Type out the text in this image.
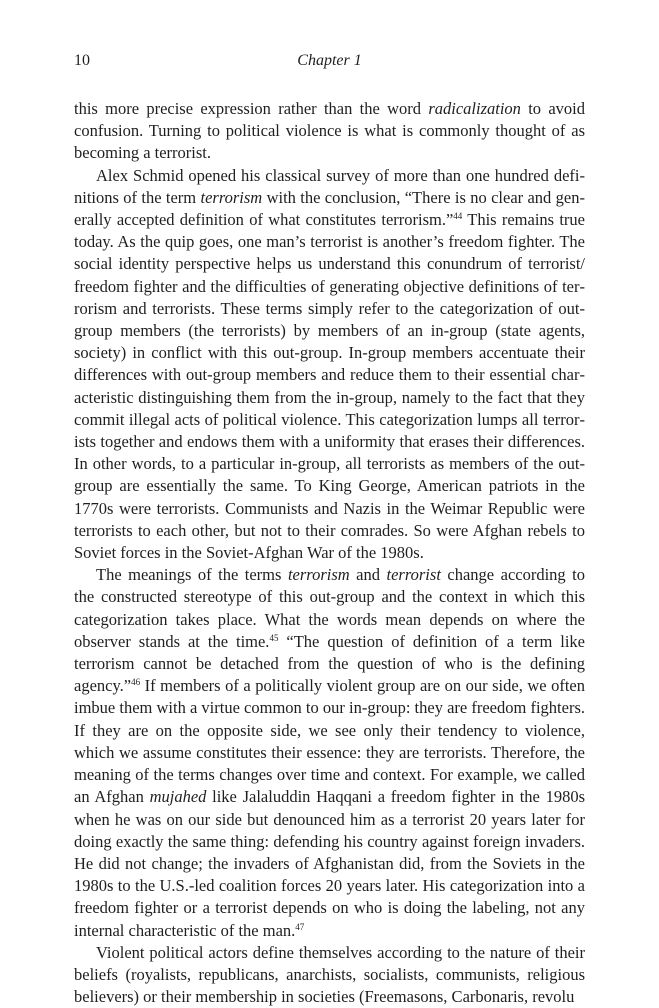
10	Chapter 1

this more precise expression rather than the word radicalization to avoid confusion. Turning to political violence is what is commonly thought of as becoming a terrorist.

Alex Schmid opened his classical survey of more than one hundred definitions of the term terrorism with the conclusion, “There is no clear and generally accepted definition of what constitutes terrorism.”$^{44}$ This remains true today. As the quip goes, one man’s terrorist is another’s freedom fighter. The social identity perspective helps us understand this conundrum of terrorist/​freedom fighter and the difficulties of generating objective definitions of terrorism and terrorists. These terms simply refer to the categorization of out-group members (the terrorists) by members of an in-group (state agents, society) in conflict with this out-group. In-group members accentuate their differences with out-group members and reduce them to their essential characteristic distinguishing them from the in-group, namely to the fact that they commit illegal acts of political violence. This categorization lumps all terrorists together and endows them with a uniformity that erases their differences. In other words, to a particular in-group, all terrorists as members of the out-group are essentially the same. To King George, American patriots in the 1770s were terrorists. Communists and Nazis in the Weimar Republic were terrorists to each other, but not to their comrades. So were Afghan rebels to Soviet forces in the Soviet-Afghan War of the 1980s.

The meanings of the terms terrorism and terrorist change according to the constructed stereotype of this out-group and the context in which this categorization takes place. What the words mean depends on where the observer stands at the time.$^{45}$ “The question of definition of a term like terrorism cannot be detached from the question of who is the defining agency.”$^{46}$ If members of a politically violent group are on our side, we often imbue them with a virtue common to our in-group: they are freedom fighters. If they are on the opposite side, we see only their tendency to violence, which we assume constitutes their essence: they are terrorists. Therefore, the meaning of the terms changes over time and context. For example, we called an Afghan mujahed like Jalaluddin Haqqani a freedom fighter in the 1980s when he was on our side but denounced him as a terrorist 20 years later for doing exactly the same thing: defending his country against foreign invaders. He did not change; the invaders of Afghanistan did, from the Soviets in the 1980s to the U.S.-led coalition forces 20 years later. His categorization into a freedom fighter or a terrorist depends on who is doing the labeling, not any internal characteristic of the man.$^{47}$

Violent political actors define themselves according to the nature of their beliefs (royalists, republicans, anarchists, socialists, communists, religious believers) or their membership in societies (Freemasons, Carbonaris, revolu
